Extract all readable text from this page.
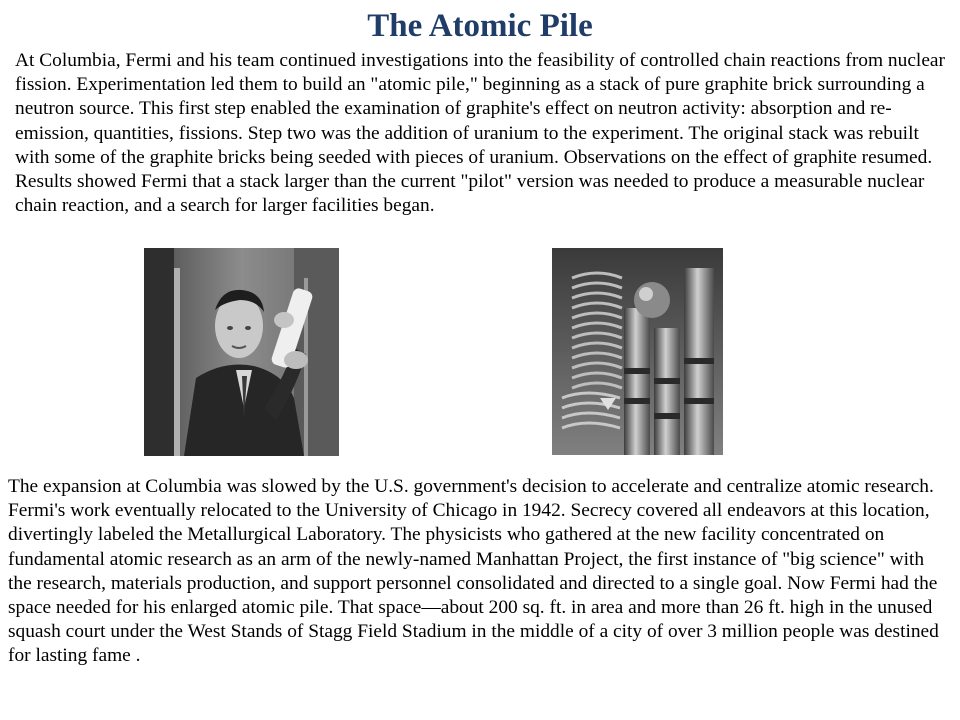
The Atomic Pile

At Columbia, Fermi and his team continued investigations into the feasibility of controlled chain reactions from nuclear fission. Experimentation led them to build an "atomic pile," beginning as a stack of pure graphite brick surrounding a neutron source. This first step enabled the examination of graphite's effect on neutron activity: absorption and re-emission, quantities, fissions. Step two was the addition of uranium to the experiment. The original stack was rebuilt with some of the graphite bricks being seeded with pieces of uranium. Observations on the effect of graphite resumed. Results showed Fermi that a stack larger than the current "pilot" version was needed to produce a measurable nuclear chain reaction, and a search for larger facilities began.

The expansion at Columbia was slowed by the U.S. government's decision to accelerate and centralize atomic research. Fermi's work eventually relocated to the University of Chicago in 1942. Secrecy covered all endeavors at this location, divertingly labeled the Metallurgical Laboratory. The physicists who gathered at the new facility concentrated on fundamental atomic research as an arm of the newly-named Manhattan Project, the first instance of "big science" with the research, materials production, and support personnel consolidated and directed to a single goal. Now Fermi had the space needed for his enlarged atomic pile. That space—about 200 sq. ft. in area and more than 26 ft. high in the unused squash court under the West Stands of Stagg Field Stadium in the middle of a city of over 3 million people was destined for lasting fame .
